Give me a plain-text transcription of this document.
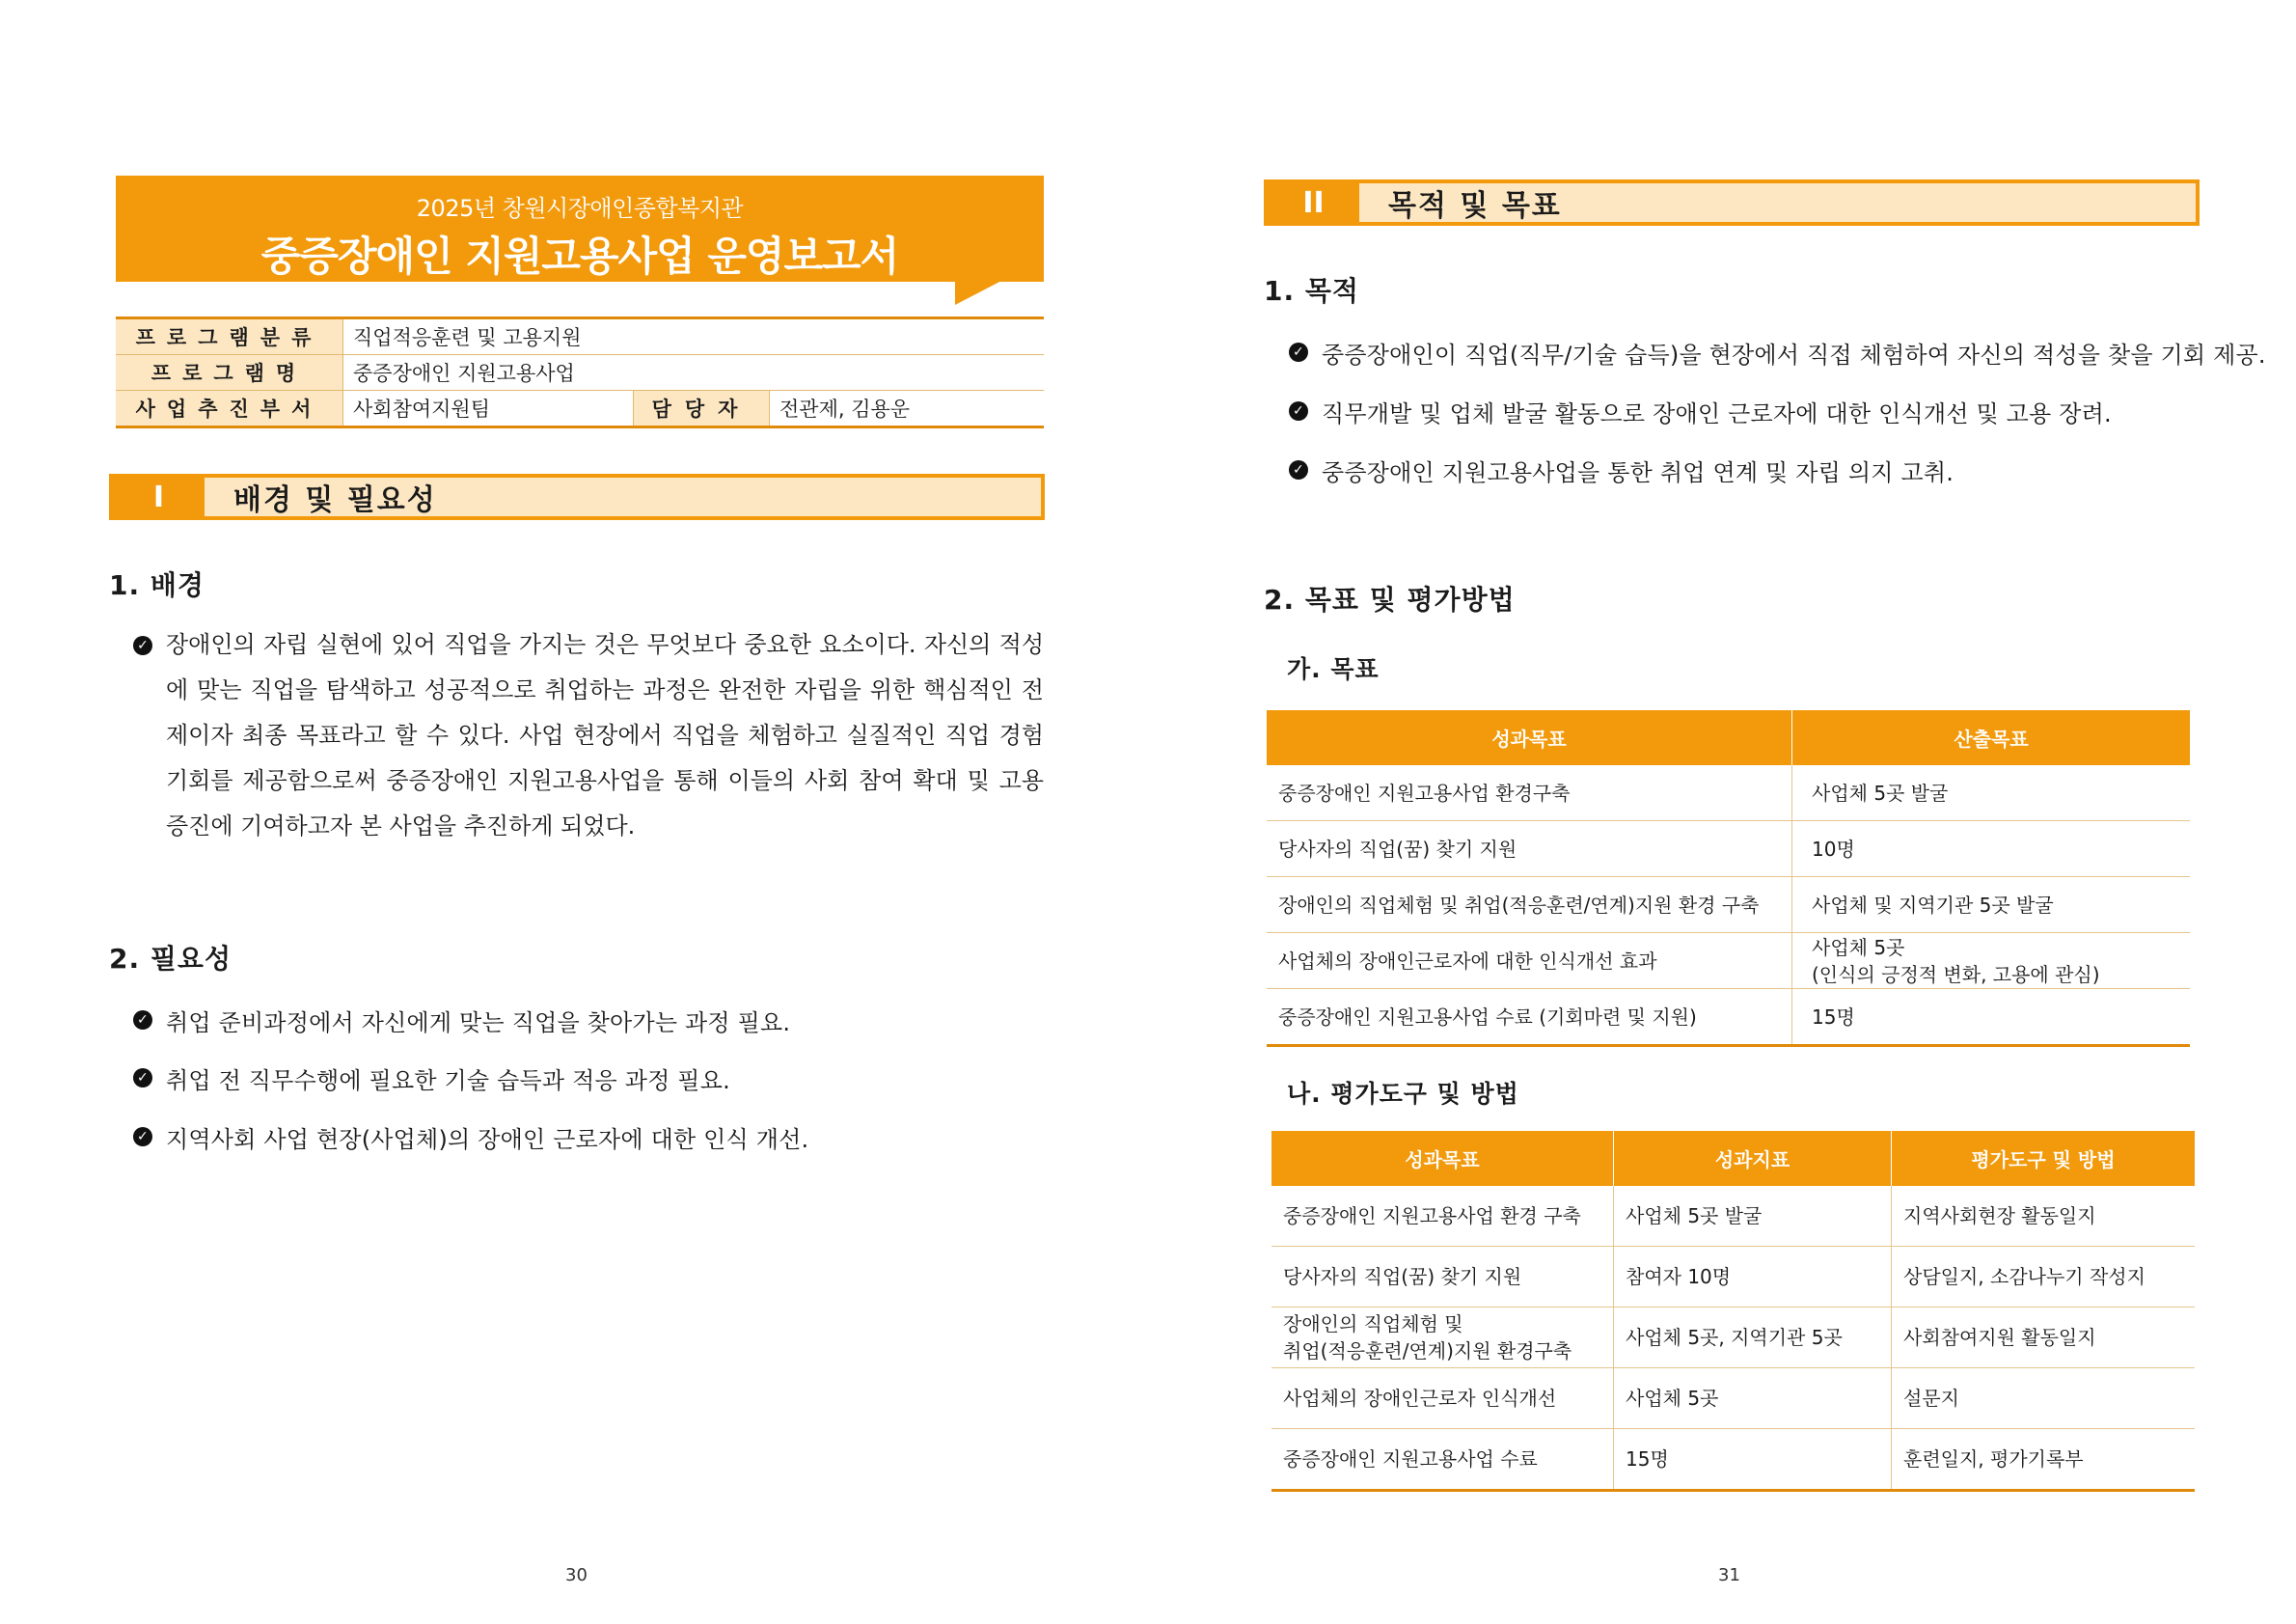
2025년 창원시장애인종합복지관
중증장애인 지원고용사업 운영보고서
프로그램분류	직업적응훈련 및 고용지원		
프로그램명	중증장애인 지원고용사업		
사업추진부서	사회참여지원팀	담당자	전관제, 김용운
I	배경 및 필요성
1. 배경
✓ 장애인의 자립 실현에 있어 직업을 가지는 것은 무엇보다 중요한 요소이다. 자신의 적성에 맞는 직업을 탐색하고 성공적으로 취업하는 과정은 완전한 자립을 위한 핵심적인 전제이자 최종 목표라고 할 수 있다. 사업 현장에서 직업을 체험하고 실질적인 직업 경험 기회를 제공함으로써 중증장애인 지원고용사업을 통해 이들의 사회 참여 확대 및 고용 증진에 기여하고자 본 사업을 추진하게 되었다.
2. 필요성
✓ 취업 준비과정에서 자신에게 맞는 직업을 찾아가는 과정 필요.
✓ 취업 전 직무수행에 필요한 기술 습득과 적응 과정 필요.
✓ 지역사회 사업 현장(사업체)의 장애인 근로자에 대한 인식 개선.
30
II	목적 및 목표
1. 목적
✓ 중증장애인이 직업(직무/기술 습득)을 현장에서 직접 체험하여 자신의 적성을 찾을 기회 제공.
✓ 직무개발 및 업체 발굴 활동으로 장애인 근로자에 대한 인식개선 및 고용 장려.
✓ 중증장애인 지원고용사업을 통한 취업 연계 및 자립 의지 고취.
2. 목표 및 평가방법
가. 목표
성과목표	산출목표
중증장애인 지원고용사업 환경구축	사업체 5곳 발굴
당사자의 직업(꿈) 찾기 지원	10명
장애인의 직업체험 및 취업(적응훈련/연계)지원 환경 구축	사업체 및 지역기관 5곳 발굴
사업체의 장애인근로자에 대한 인식개선 효과	사업체 5곳
(인식의 긍정적 변화, 고용에 관심)

중증장애인 지원고용사업 수료 (기회마련 및 지원)	15명
나. 평가도구 및 방법
성과목표	성과지표	평가도구 및 방법
중증장애인 지원고용사업 환경 구축	사업체 5곳 발굴	지역사회현장 활동일지
당사자의 직업(꿈) 찾기 지원	참여자 10명	상담일지, 소감나누기 작성지

장애인의 직업체험 및
취업(적응훈련/연계)지원 환경구축	사업체 5곳, 지역기관 5곳	사회참여지원 활동일지
사업체의 장애인근로자 인식개선	사업체 5곳	설문지
중증장애인 지원고용사업 수료	15명	훈련일지, 평가기록부
31
